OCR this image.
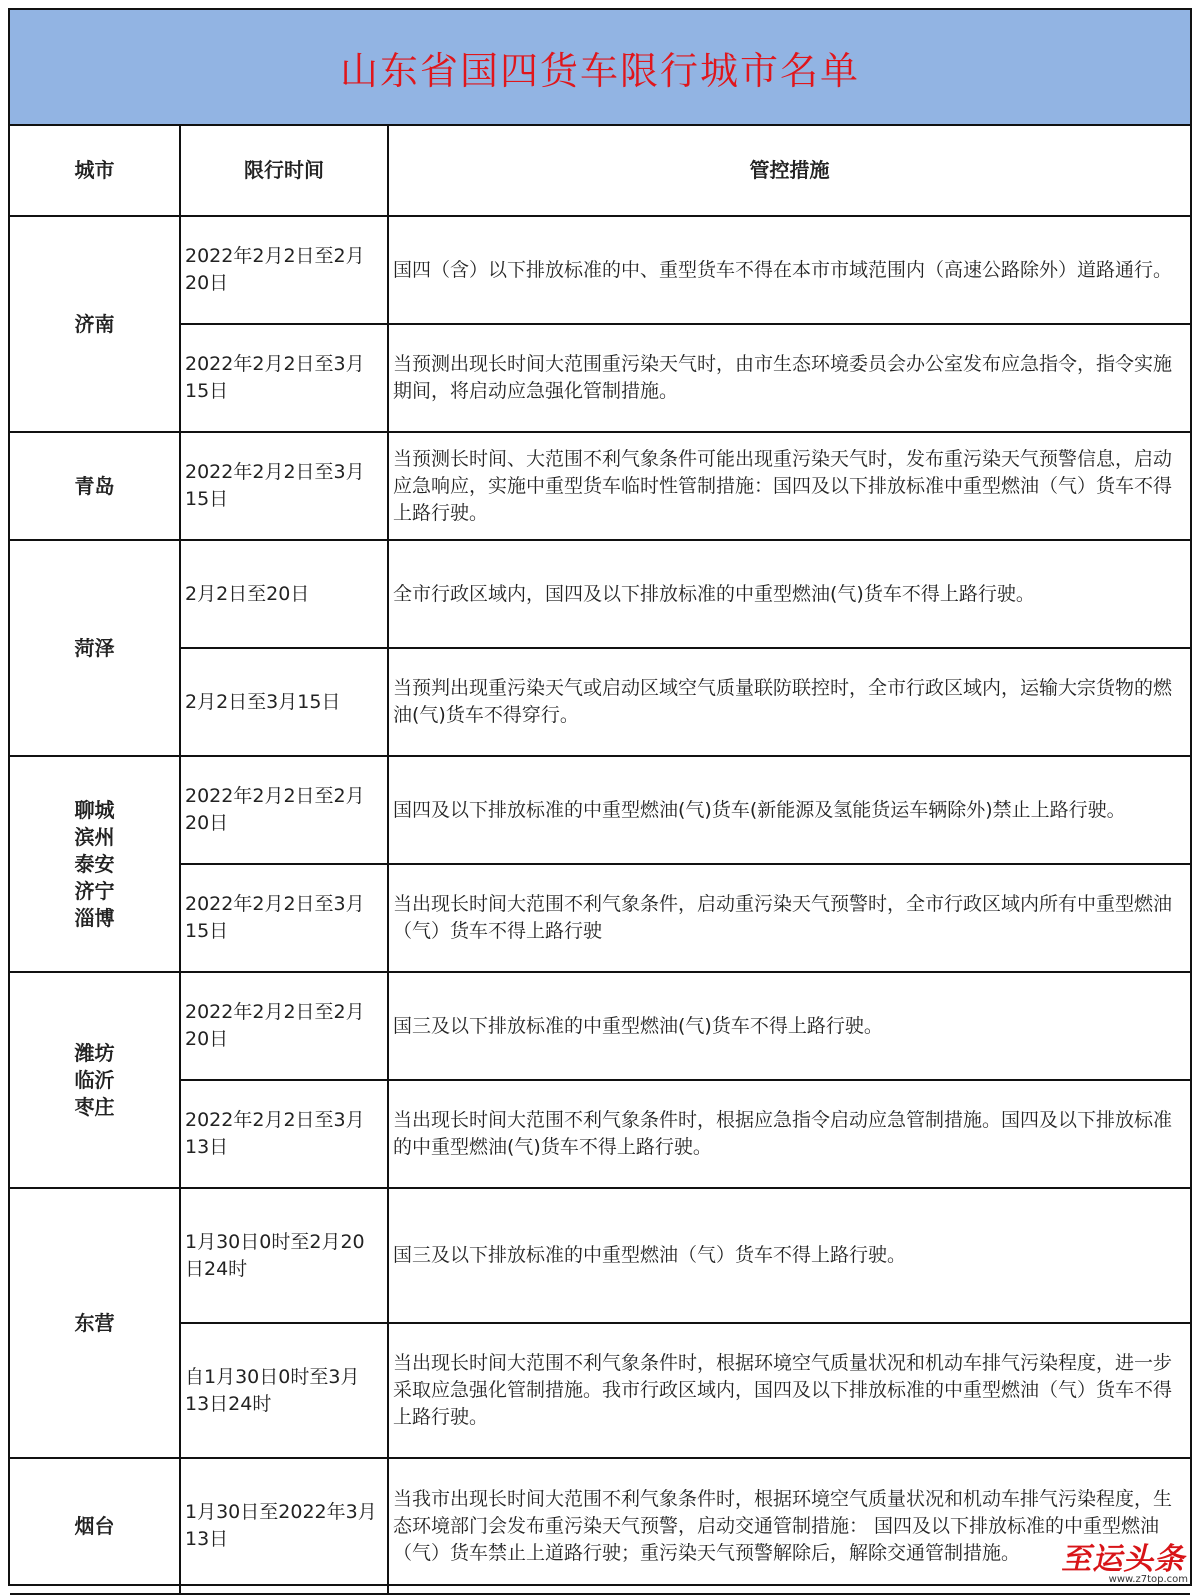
山东省国四货车限行城市名单
城市	限行时间	管控措施

济南	2022年2月2日至2月20日	国四（含）以下排放标准的中、重型货车不得在本市市域范围内（高速公路除外）道路通行。
	2022年2月2日至3月15日	当预测出现长时间大范围重污染天气时，由市生态环境委员会办公室发布应急指令，指令实施期间，将启动应急强化管制措施。

青岛	2022年2月2日至3月15日	当预测长时间、大范围不利气象条件可能出现重污染天气时，发布重污染天气预警信息，启动应急响应，实施中重型货车临时性管制措施：国四及以下排放标准中重型燃油（气）货车不得上路行驶。

菏泽	2月2日至20日	全市行政区域内，国四及以下排放标准的中重型燃油(气)货车不得上路行驶。
	2月2日至3月15日	当预判出现重污染天气或启动区域空气质量联防联控时，全市行政区域内，运输大宗货物的燃油(气)货车不得穿行。

聊城
滨州
泰安
济宁
淄博	2022年2月2日至2月20日	国四及以下排放标准的中重型燃油(气)货车(新能源及氢能货运车辆除外)禁止上路行驶。
	2022年2月2日至3月15日	当出现长时间大范围不利气象条件，启动重污染天气预警时，全市行政区域内所有中重型燃油（气）货车不得上路行驶

潍坊
临沂
枣庄	2022年2月2日至2月20日	国三及以下排放标准的中重型燃油(气)货车不得上路行驶。
	2022年2月2日至3月13日	当出现长时间大范围不利气象条件时，根据应急指令启动应急管制措施。国四及以下排放标准的中重型燃油(气)货车不得上路行驶。

东营	1月30日0时至2月20日24时	国三及以下排放标准的中重型燃油（气）货车不得上路行驶。
	自1月30日0时至3月13日24时	当出现长时间大范围不利气象条件时，根据环境空气质量状况和机动车排气污染程度，进一步采取应急强化管制措施。我市行政区域内，国四及以下排放标准的中重型燃油（气）货车不得上路行驶。

烟台	1月30日至2022年3月13日	当我市出现长时间大范围不利气象条件时，根据环境空气质量状况和机动车排气污染程度，生态环境部门会发布重污染天气预警，启动交通管制措施： 国四及以下排放标准的中重型燃油（气）货车禁止上道路行驶；重污染天气预警解除后，解除交通管制措施。 至运头条
www.z7top.com
